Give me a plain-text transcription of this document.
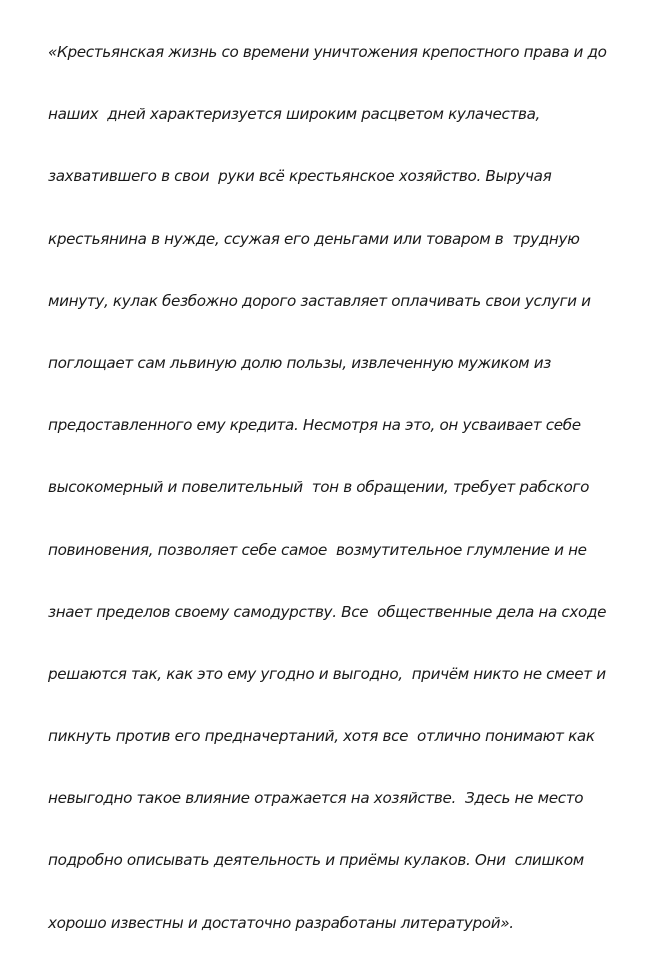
«Крестьянская жизнь со времени уничтожения крепостного права и до

наших  дней характеризуется широким расцветом кулачества,

захватившего в свои  руки всё крестьянское хозяйство. Выручая

крестьянина в нужде, ссужая его деньгами или товаром в  трудную

минуту, кулак безбожно дорого заставляет оплачивать свои услуги и

поглощает сам львиную долю пользы, извлеченную мужиком из

предоставленного ему кредита. Несмотря на это, он усваивает себе

высокомерный и повелительный  тон в обращении, требует рабского

повиновения, позволяет себе самое  возмутительное глумление и не

знает пределов своему самодурству. Все  общественные дела на сходе

решаются так, как это ему угодно и выгодно,  причём никто не смеет и

пикнуть против его предначертаний, хотя все  отлично понимают как

невыгодно такое влияние отражается на хозяйстве.  Здесь не место

подробно описывать деятельность и приёмы кулаков. Они  слишком

хорошо известны и достаточно разработаны литературой».
